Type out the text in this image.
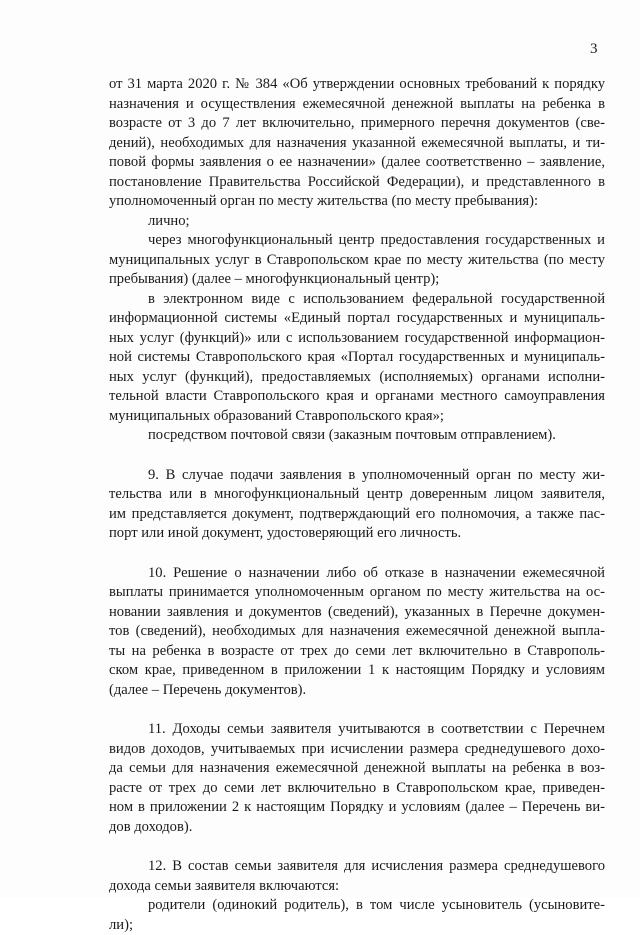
3
от 31 марта 2020 г. № 384 «Об утверждении основных требований к порядку
назначения и осуществления ежемесячной денежной выплаты на ребенка в
возрасте от 3 до 7 лет включительно, примерного перечня документов (све-
дений), необходимых для назначения указанной ежемесячной выплаты, и ти-
повой формы заявления о ее назначении» (далее соответственно – заявление,
постановление Правительства Российской Федерации), и представленного в
уполномоченный орган по месту жительства (по месту пребывания):
лично;
через многофункциональный центр предоставления государственных и
муниципальных услуг в Ставропольском крае по месту жительства (по месту
пребывания) (далее – многофункциональный центр);
в электронном виде с использованием федеральной государственной
информационной системы «Единый портал государственных и муниципаль-
ных услуг (функций)» или с использованием государственной информацион-
ной системы Ставропольского края «Портал государственных и муниципаль-
ных услуг (функций), предоставляемых (исполняемых) органами исполни-
тельной власти Ставропольского края и органами местного самоуправления
муниципальных образований Ставропольского края»;
посредством почтовой связи (заказным почтовым отправлением).
9. В случае подачи заявления в уполномоченный орган по месту жи-
тельства или в многофункциональный центр доверенным лицом заявителя,
им представляется документ, подтверждающий его полномочия, а также пас-
порт или иной документ, удостоверяющий его личность.
10. Решение о назначении либо об отказе в назначении ежемесячной
выплаты принимается уполномоченным органом по месту жительства на ос-
новании заявления и документов (сведений), указанных в Перечне докумен-
тов (сведений), необходимых для назначения ежемесячной денежной выпла-
ты на ребенка в возрасте от трех до семи лет включительно в Ставрополь-
ском крае, приведенном в приложении 1 к настоящим Порядку и условиям
(далее – Перечень документов).
11. Доходы семьи заявителя учитываются в соответствии с Перечнем
видов доходов, учитываемых при исчислении размера среднедушевого дохо-
да семьи для назначения ежемесячной денежной выплаты на ребенка в воз-
расте от трех до семи лет включительно в Ставропольском крае, приведен-
ном в приложении 2 к настоящим Порядку и условиям (далее – Перечень ви-
дов доходов).
12. В состав семьи заявителя для исчисления размера среднедушевого
дохода семьи заявителя включаются:
родители (одинокий родитель), в том числе усыновитель (усыновите-
ли);
